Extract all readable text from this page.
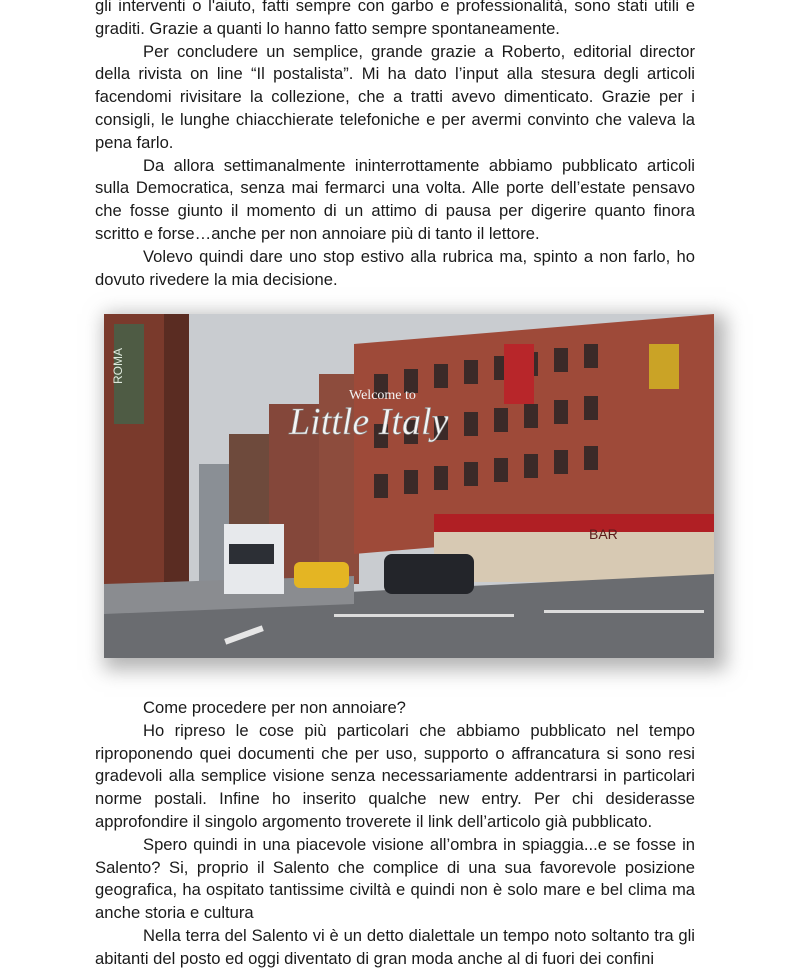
gli interventi o l'aiuto, fatti sempre con garbo e professionalità, sono stati utili e graditi. Grazie a quanti lo hanno fatto sempre spontaneamente.

Per concludere un semplice, grande grazie a Roberto, editorial director della rivista on line “Il postalista”. Mi ha dato l’input alla stesura degli articoli facendomi rivisitare la collezione, che a tratti avevo dimenticato. Grazie per i consigli, le lunghe chiacchierate telefoniche e per avermi convinto che valeva la pena farlo.

Da allora settimanalmente ininterrottamente abbiamo pubblicato articoli sulla Democratica, senza mai fermarci una volta. Alle porte dell’estate pensavo che fosse giunto il momento di un attimo di pausa per digerire quanto finora scritto e forse…anche per non annoiare più di tanto il lettore.

Volevo quindi dare uno stop estivo alla rubrica ma, spinto a non farlo, ho dovuto rivedere la mia decisione.

Welcome to
Little Italy
BAR
ROMA

Come procedere per non annoiare?

Ho ripreso le cose più particolari che abbiamo pubblicato nel tempo riproponendo quei documenti che per uso, supporto o affrancatura si sono resi gradevoli alla semplice visione senza necessariamente addentrarsi in particolari norme postali. Infine ho inserito qualche new entry. Per chi desiderasse approfondire il singolo argomento troverete il link dell’articolo già pubblicato.

Spero quindi in una piacevole visione all’ombra in spiaggia...e se fosse in Salento? Si, proprio il Salento che complice di una sua favorevole posizione geografica, ha ospitato tantissime civiltà e quindi non è solo mare e bel clima ma anche storia e cultura

Nella terra del Salento vi è un detto dialettale un tempo noto soltanto tra gli abitanti del posto ed oggi diventato di gran moda anche al di fuori dei confini
